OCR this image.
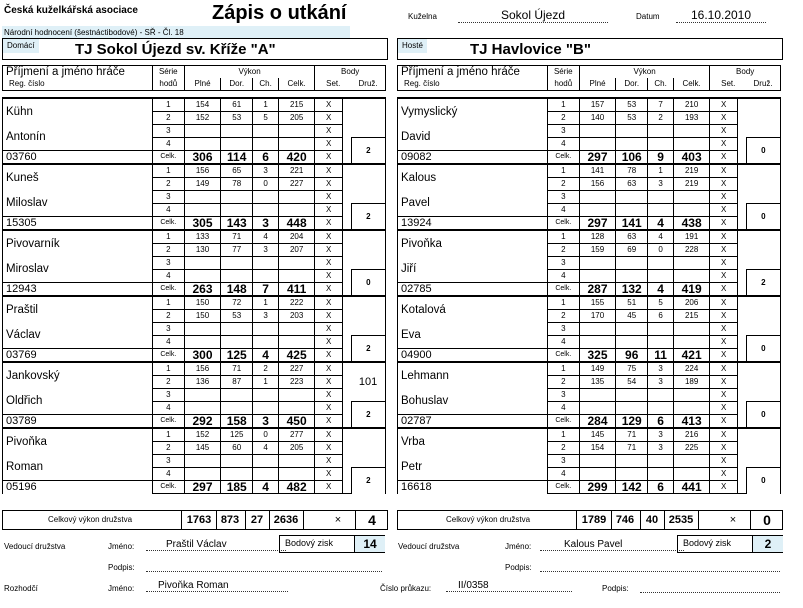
Česká kuželkářská asociace	Zápis o utkání
Národní hodnocení (šestnáctibodové) - SŘ - Čl. 18
Kuželna	Sokol Újezd	Datum	16.10.2010
Domácí	TJ Sokol Újezd sv. Kříže "A"	Hosté	TJ Havlovice "B"
Příjmení a jméno hráče	Série	Výkon				Body		
Reg. číslo	hodů	Plné	Dor.	Ch.	Celk.	Set.		Druž.

Kühn	1	154	61	1	215	X		
	2	152	53	5	205	X		
Antonín	3					X		
	4					X		2
03760	Celk.	306	114	6	420	X		
Kuneš	1	156	65	3	221	X		
	2	149	78	0	227	X		
Miloslav	3					X		
	4					X		2
15305	Celk.	305	143	3	448	X		
Pivovarník	1	133	71	4	204	X		
	2	130	77	3	207	X		
Miroslav	3					X		
	4					X		0
12943	Celk.	263	148	7	411	X		
Praštil	1	150	72	1	222	X		
	2	150	53	3	203	X		
Václav	3					X		
	4					X		2
03769	Celk.	300	125	4	425	X		
Jankovský	1	156	71	2	227	X		101
	2	136	87	1	223	X		
Oldřich	3					X		
	4					X		2
03789	Celk.	292	158	3	450	X		
Pivoňka	1	152	125	0	277	X		
	2	145	60	4	205	X		
Roman	3					X		
	4					X		2
05196	Celk.	297	185	4	482	X		
Příjmení a jméno hráče	Série	Výkon				Body		
Reg. číslo	hodů	Plné	Dor.	Ch.	Celk.	Set.		Druž.

Vymyslický	1	157	53	7	210	X		
	2	140	53	2	193	X		
David	3					X		
	4					X		0
09082	Celk.	297	106	9	403	X		
Kalous	1	141	78	1	219	X		
	2	156	63	3	219	X		
Pavel	3					X		
	4					X		0
13924	Celk.	297	141	4	438	X		
Pivoňka	1	128	63	4	191	X		
	2	159	69	0	228	X		
Jiří	3					X		
	4					X		2
02785	Celk.	287	132	4	419	X		
Kotalová	1	155	51	5	206	X		
	2	170	45	6	215	X		
Eva	3					X		
	4					X		0
04900	Celk.	325	96	11	421	X		
Lehmann	1	149	75	3	224	X		
	2	135	54	3	189	X		
Bohuslav	3					X		
	4					X		0
02787	Celk.	284	129	6	413	X		
Vrba	1	145	71	3	216	X		
	2	154	71	3	225	X		
Petr	3					X		
	4					X		0
16618	Celk.	299	142	6	441	X		
Celkový výkon družstva	1763 873	27 2636	×	4	Celkový výkon družstva	1789 746	40 2535	×	0
Vedoucí družstva	Jméno:	Praštil Václav	Bodový zisk	14
Podpis:
Vedoucí družstva	Jméno:	Kalous Pavel	Bodový zisk	2
Podpis:
Rozhodčí	Jméno:	Pivoňka Roman	Číslo průkazu:	II/0358	Podpis:
